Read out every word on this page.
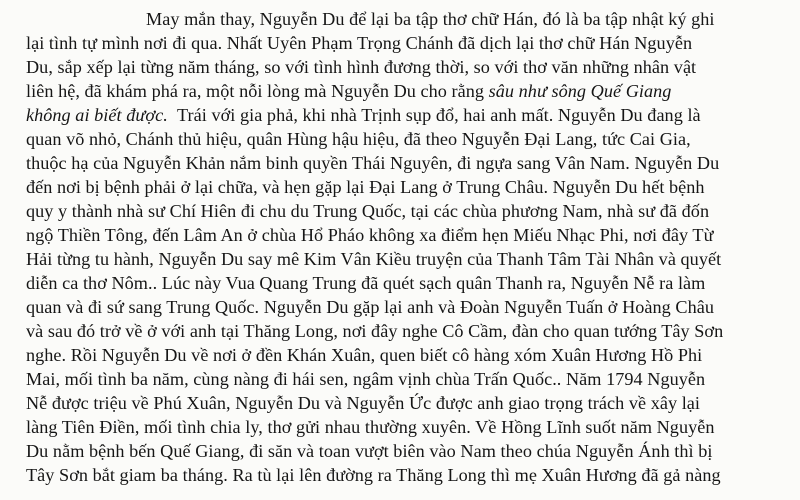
May mắn thay, Nguyễn Du để lại ba tập thơ chữ Hán, đó là ba tập nhật ký ghi
lại tình tự mình nơi đi qua. Nhất Uyên Phạm Trọng Chánh đã dịch lại thơ chữ Hán Nguyễn
Du, sắp xếp lại từng năm tháng, so với tình hình đương thời, so với thơ văn những nhân vật
liên hệ, đã khám phá ra, một nỗi lòng mà Nguyễn Du cho rằng sâu như sông Quế Giang
không ai biết được. Trái với gia phả, khi nhà Trịnh sụp đổ, hai anh mất. Nguyễn Du đang là
quan võ nhỏ, Chánh thủ hiệu, quân Hùng hậu hiệu, đã theo Nguyễn Đại Lang, tức Cai Gia,
thuộc hạ của Nguyễn Khản nắm binh quyền Thái Nguyên, đi ngựa sang Vân Nam. Nguyễn Du
đến nơi bị bệnh phải ở lại chữa, và hẹn gặp lại Đại Lang ở Trung Châu. Nguyễn Du hết bệnh
quy y thành nhà sư Chí Hiên đi chu du Trung Quốc, tại các chùa phương Nam, nhà sư đã đốn
ngộ Thiền Tông, đến Lâm An ở chùa Hổ Pháo không xa điểm hẹn Miếu Nhạc Phi, nơi đây Từ
Hải từng tu hành, Nguyễn Du say mê Kim Vân Kiều truyện của Thanh Tâm Tài Nhân và quyết
diễn ca thơ Nôm.. Lúc này Vua Quang Trung đã quét sạch quân Thanh ra, Nguyễn Nễ ra làm
quan và đi sứ sang Trung Quốc. Nguyễn Du gặp lại anh và Đoàn Nguyễn Tuấn ở Hoàng Châu
và sau đó trở về ở với anh tại Thăng Long, nơi đây nghe Cô Cầm, đàn cho quan tướng Tây Sơn
nghe. Rồi Nguyễn Du về nơi ở đền Khán Xuân, quen biết cô hàng xóm Xuân Hương Hồ Phi
Mai, mối tình ba năm, cùng nàng đi hái sen, ngâm vịnh chùa Trấn Quốc.. Năm 1794 Nguyễn
Nễ được triệu về Phú Xuân, Nguyễn Du và Nguyễn Ức được anh giao trọng trách về xây lại
làng Tiên Điền, mối tình chia ly, thơ gửi nhau thường xuyên. Về Hồng Lĩnh suốt năm Nguyễn
Du nằm bệnh bến Quế Giang, đi săn và toan vượt biên vào Nam theo chúa Nguyễn Ánh thì bị
Tây Sơn bắt giam ba tháng. Ra tù lại lên đường ra Thăng Long thì mẹ Xuân Hương đã gả nàng
